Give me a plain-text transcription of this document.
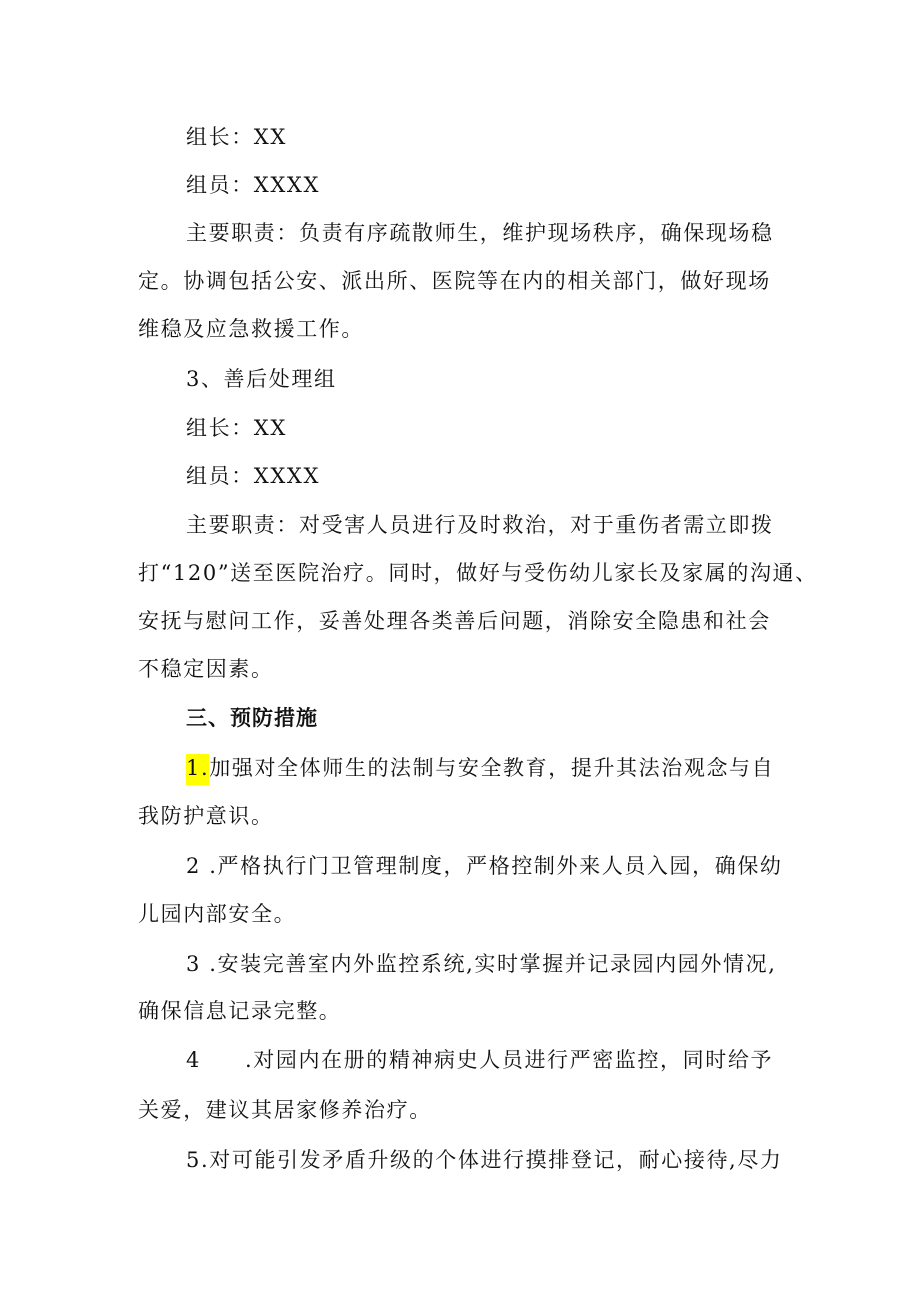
组长：XX
组员：XXXX
主要职责：负责有序疏散师生，维护现场秩序，确保现场稳
定。协调包括公安、派出所、医院等在内的相关部门，做好现场
维稳及应急救援工作。
3、善后处理组
组长：XX
组员：XXXX
主要职责：对受害人员进行及时救治，对于重伤者需立即拨
打“120”送至医院治疗。同时，做好与受伤幼儿家长及家属的沟通、
安抚与慰问工作，妥善处理各类善后问题，消除安全隐患和社会
不稳定因素。
三、预防措施
1.加强对全体师生的法制与安全教育，提升其法治观念与自
我防护意识。
2 .严格执行门卫管理制度，严格控制外来人员入园，确保幼
儿园内部安全。
3 .安装完善室内外监控系统,实时掌握并记录园内园外情况,
确保信息记录完整。
4 .对园内在册的精神病史人员进行严密监控，同时给予
关爱，建议其居家修养治疗。
5.对可能引发矛盾升级的个体进行摸排登记，耐心接待,尽力
